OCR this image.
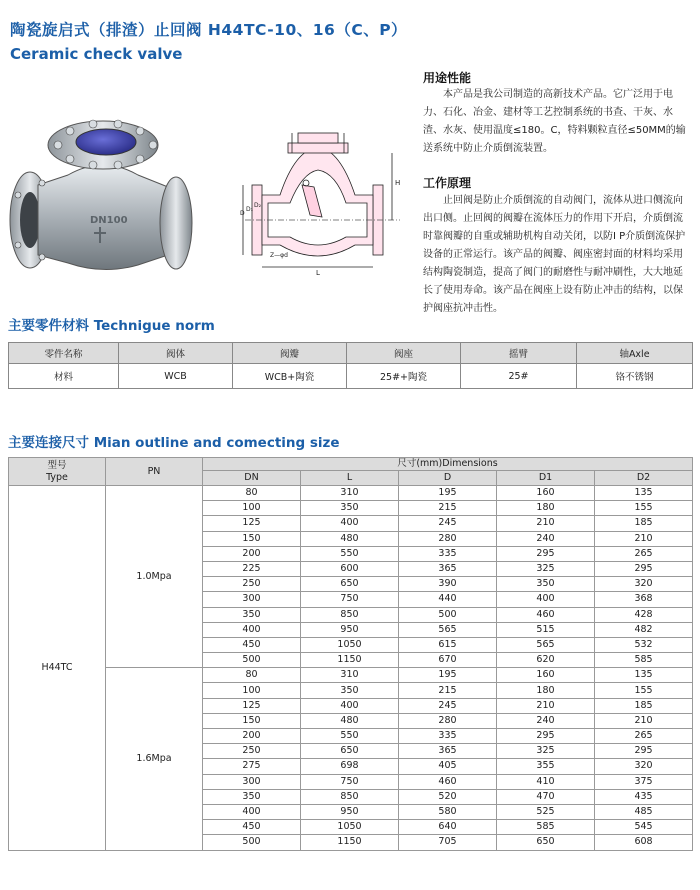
陶瓷旋启式（排渣）止回阀 H44TC-10、16（C、P）
Ceramic check valve
DN100
D
D₁
D₂
L
H
Z—φd
用途性能
本产品是我公司制造的高新技术产品。它广泛用于电力、石化、冶金、建材等工艺控制系统的书查、干灰、水渣、水灰、使用温度≤180。C，特料颗粒直径≤50MM的输送系统中防止介质倒流装置。
工作原理
止回阀是防止介质倒流的自动阀门，流体从进口侧流向出口侧。止回阀的阀瓣在流体压力的作用下开启，介质倒流时靠阀瓣的自重或辅助机构自动关闭，以防I P介质倒流保护设备的正常运行。该产品的阀瓣、阀座密封面的材料均采用结构陶瓷制造，提高了阀门的耐磨性与耐冲刷性，大大地延长了使用寿命。该产品在阀座上设有防止冲击的结构，以保护阀座抗冲击性。
主要零件材料 Technigue norm
零件名称	阀体	阀瓣	阀座	摇臂	轴Axle
材料	WCB	WCB+陶瓷	25#+陶瓷	25#	铬不锈钢
主要连接尺寸 Mian outline and comecting size
型号
Type	PN	尺寸(mm)Dimensions				
		DN	L	D	D1	D2
H44TC	1.0Mpa	80	310	195	160	135
		100	350	215	180	155
		125	400	245	210	185
		150	480	280	240	210
		200	550	335	295	265
		225	600	365	325	295
		250	650	390	350	320
		300	750	440	400	368
		350	850	500	460	428
		400	950	565	515	482
		450	1050	615	565	532
		500	1150	670	620	585
	1.6Mpa	80	310	195	160	135
		100	350	215	180	155
		125	400	245	210	185
		150	480	280	240	210
		200	550	335	295	265
		250	650	365	325	295
		275	698	405	355	320
		300	750	460	410	375
		350	850	520	470	435
		400	950	580	525	485
		450	1050	640	585	545
		500	1150	705	650	608
